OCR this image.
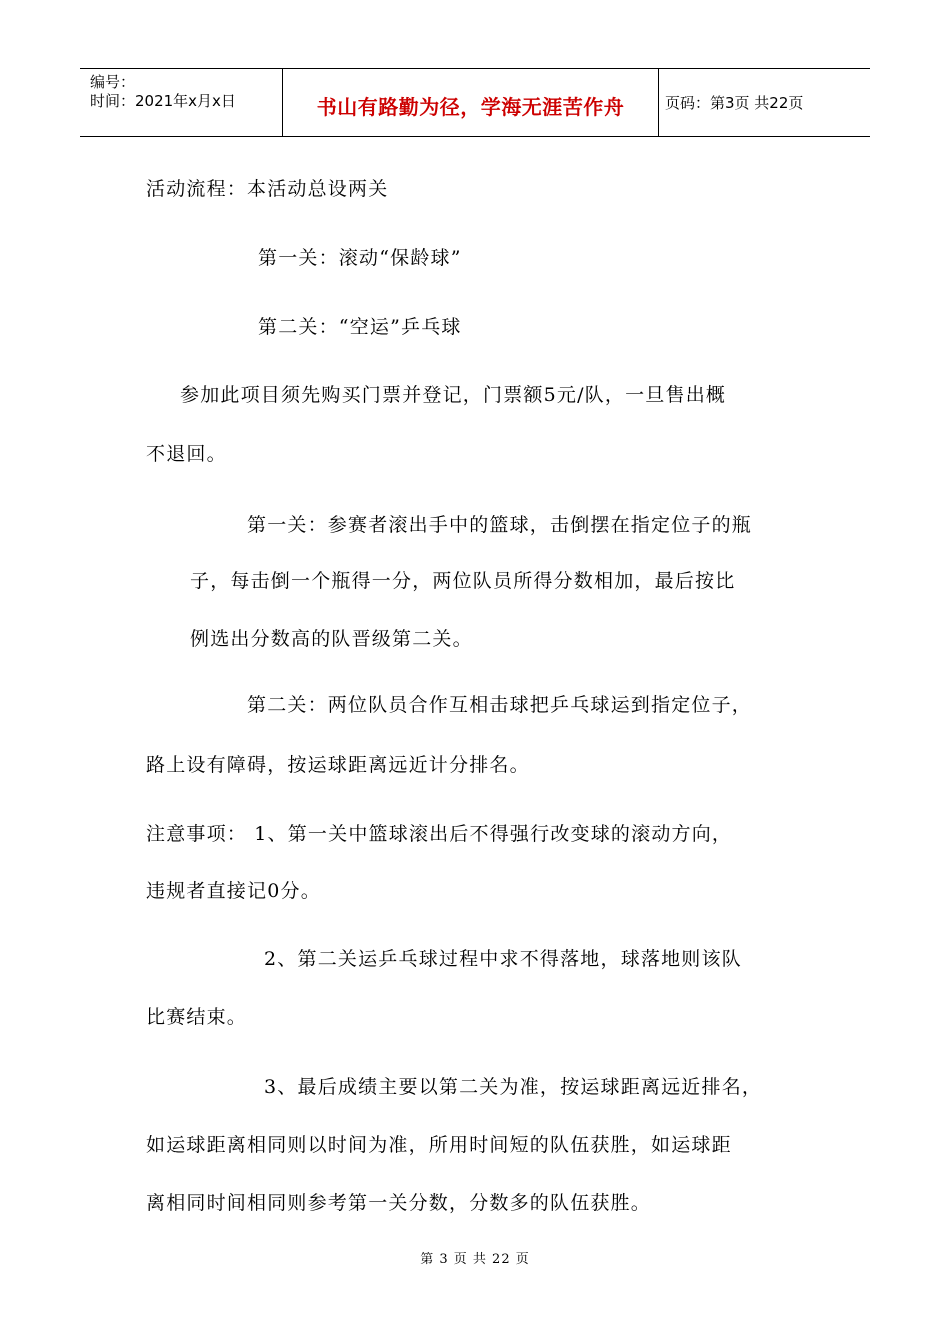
编号：
时间：2021年x月x日	书山有路勤为径，学海无涯苦作舟	页码：第3页 共22页
活动流程：本活动总设两关
第一关：滚动“保龄球”
第二关：“空运”乒乓球
参加此项目须先购买门票并登记，门票额5元/队，一旦售出概
不退回。
第一关：参赛者滚出手中的篮球，击倒摆在指定位子的瓶
子，每击倒一个瓶得一分，两位队员所得分数相加，最后按比
例选出分数高的队晋级第二关。
第二关：两位队员合作互相击球把乒乓球运到指定位子，
路上设有障碍，按运球距离远近计分排名。
注意事项： 1、第一关中篮球滚出后不得强行改变球的滚动方向，
违规者直接记0分。
2、第二关运乒乓球过程中求不得落地，球落地则该队
比赛结束。
3、最后成绩主要以第二关为准，按运球距离远近排名，
如运球距离相同则以时间为准，所用时间短的队伍获胜，如运球距
离相同时间相同则参考第一关分数，分数多的队伍获胜。
第 3 页 共 22 页
